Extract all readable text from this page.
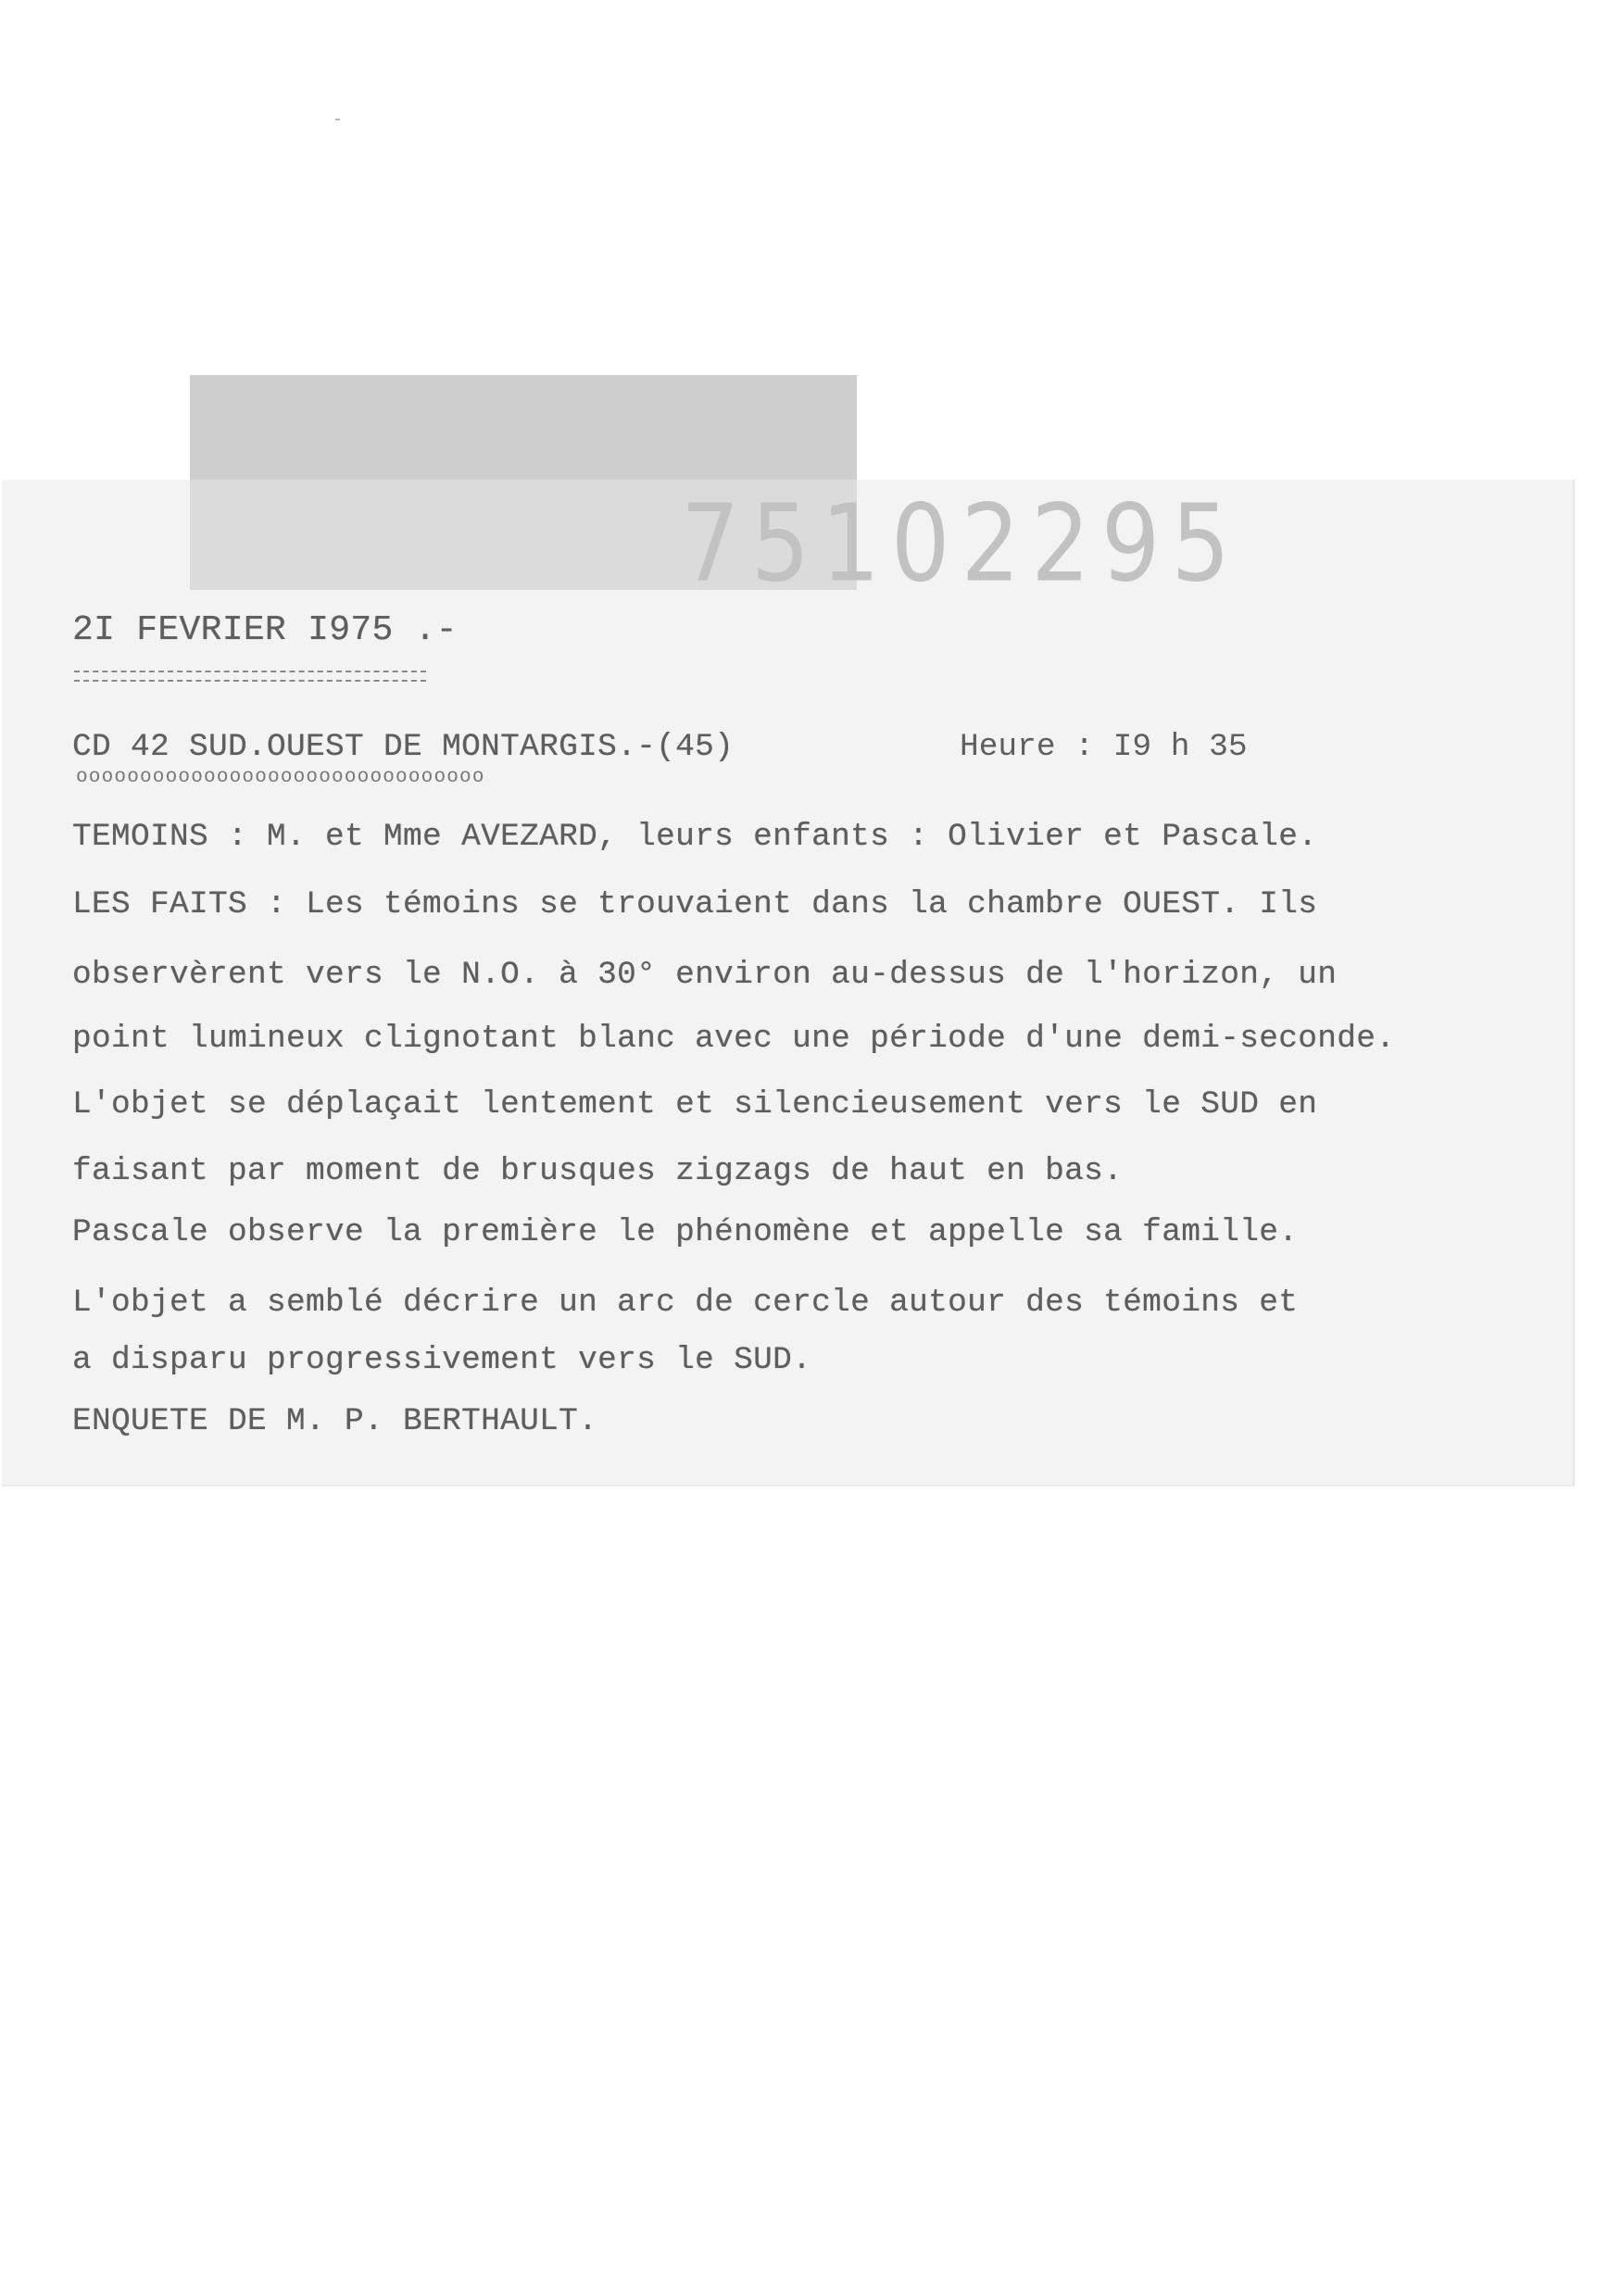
75102295
2I FEVRIER I975 .-
CD 42 SUD.OUEST DE MONTARGIS.-(45)	Heure : I9 h 35
oooooooooooooooooooooooooooooooo
TEMOINS : M. et Mme AVEZARD, leurs enfants : Olivier et Pascale.
LES FAITS : Les témoins se trouvaient dans la chambre OUEST. Ils
observèrent vers le N.O. à 30° environ au-dessus de l'horizon, un
point lumineux clignotant blanc avec une période d'une demi-seconde.
L'objet se déplaçait lentement et silencieusement vers le SUD en
faisant par moment de brusques zigzags de haut en bas.
Pascale observe la première le phénomène et appelle sa famille.
L'objet a semblé décrire un arc de cercle autour des témoins et
a disparu progressivement vers le SUD.
ENQUETE DE M. P. BERTHAULT.
